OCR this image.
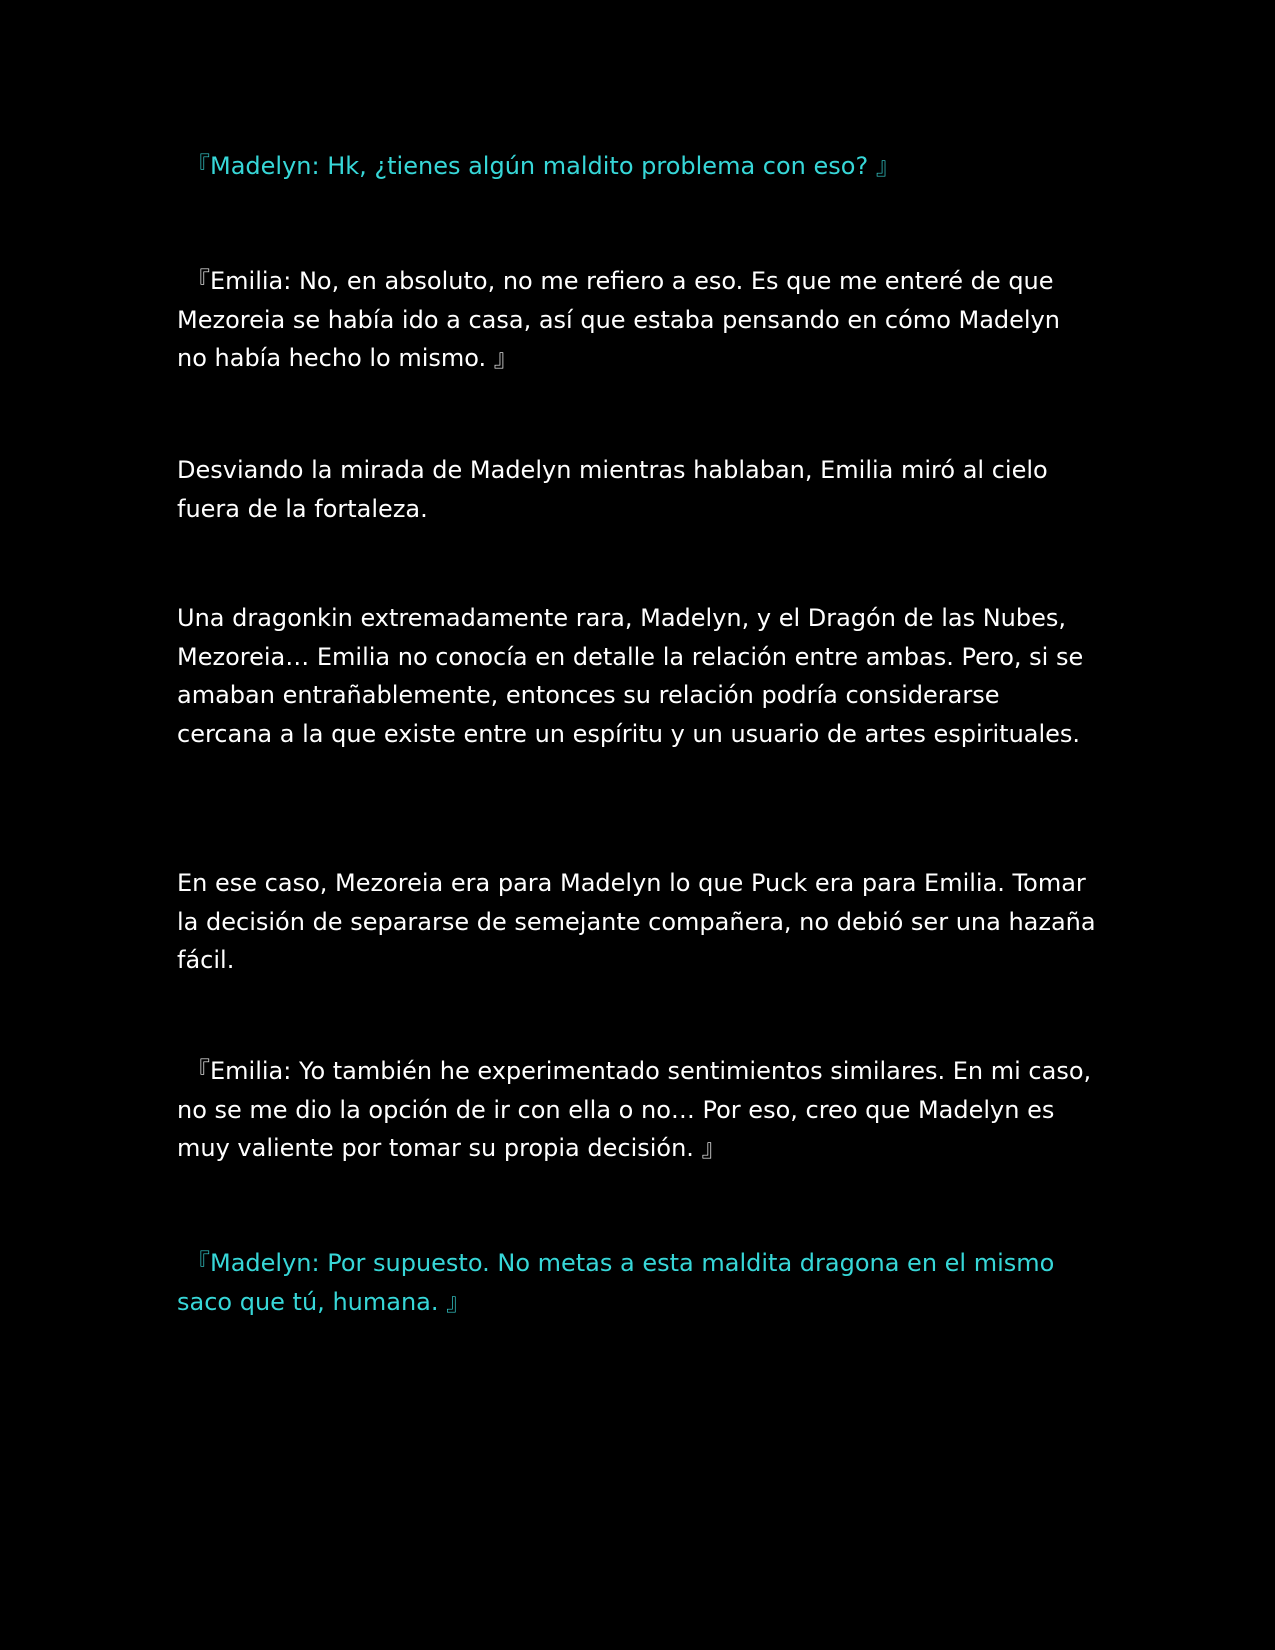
『Madelyn: Hk, ¿tienes algún maldito problema con eso? 』

『Emilia: No, en absoluto, no me refiero a eso. Es que me enteré de que Mezoreia se había ido a casa, así que estaba pensando en cómo Madelyn no había hecho lo mismo. 』

Desviando la mirada de Madelyn mientras hablaban, Emilia miró al cielo fuera de la fortaleza.

Una dragonkin extremadamente rara, Madelyn, y el Dragón de las Nubes, Mezoreia… Emilia no conocía en detalle la relación entre ambas. Pero, si se amaban entrañablemente, entonces su relación podría considerarse cercana a la que existe entre un espíritu y un usuario de artes espirituales.

En ese caso, Mezoreia era para Madelyn lo que Puck era para Emilia. Tomar la decisión de separarse de semejante compañera, no debió ser una hazaña fácil.

『Emilia: Yo también he experimentado sentimientos similares. En mi caso, no se me dio la opción de ir con ella o no… Por eso, creo que Madelyn es muy valiente por tomar su propia decisión. 』

『Madelyn: Por supuesto. No metas a esta maldita dragona en el mismo saco que tú, humana. 』
